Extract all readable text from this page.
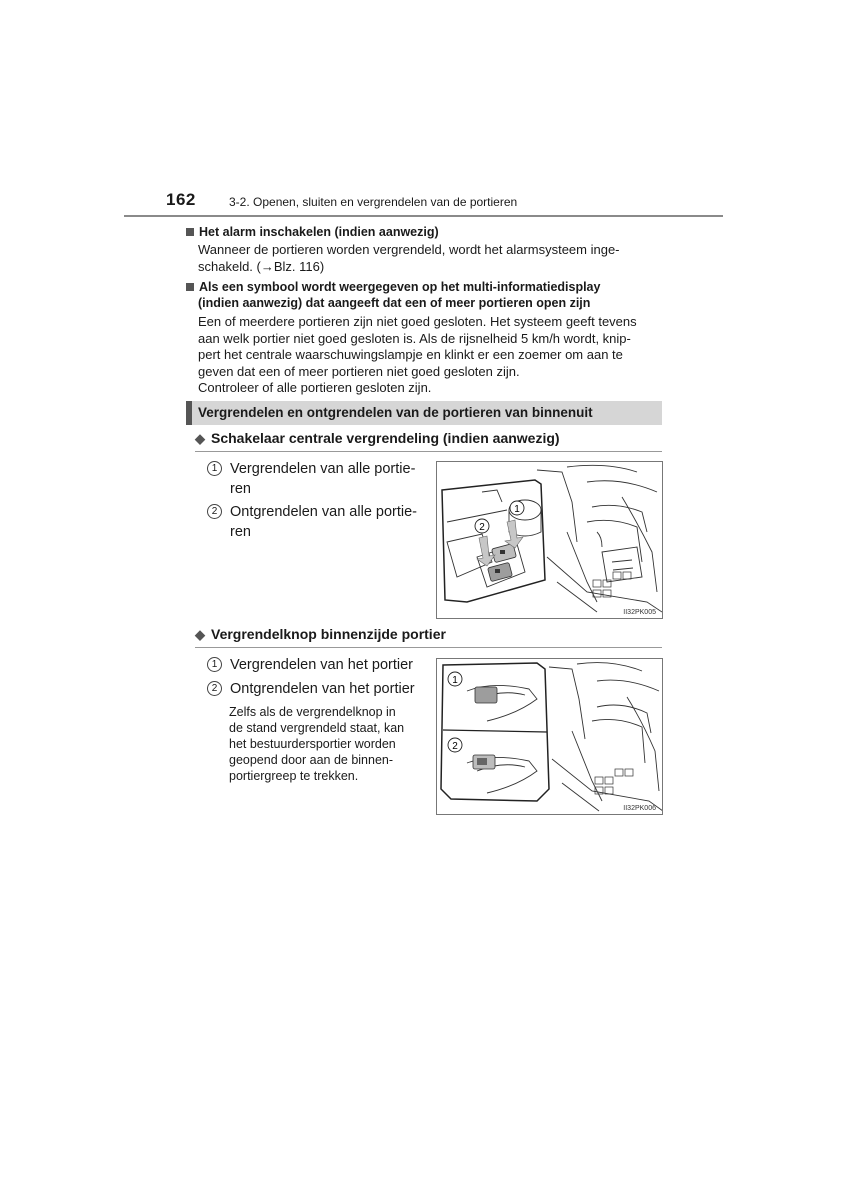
162	3-2. Openen, sluiten en vergrendelen van de portieren
Het alarm inschakelen (indien aanwezig)
Wanneer de portieren worden vergrendeld, wordt het alarmsysteem inge-
schakeld. (→Blz. 116)
Als een symbool wordt weergegeven op het multi-informatiedisplay
(indien aanwezig) dat aangeeft dat een of meer portieren open zijn
Een of meerdere portieren zijn niet goed gesloten. Het systeem geeft tevens
aan welk portier niet goed gesloten is. Als de rijsnelheid 5 km/h wordt, knip-
pert het centrale waarschuwingslampje en klinkt er een zoemer om aan te
geven dat een of meer portieren niet goed gesloten zijn.
Controleer of alle portieren gesloten zijn.
Vergrendelen en ontgrendelen van de portieren van binnenuit
◆ Schakelaar centrale vergrendeling (indien aanwezig)
1 Vergrendelen van alle portie-
ren
2 Ontgrendelen van alle portie-
ren
1
2
II32PK005
◆ Vergrendelknop binnenzijde portier
1 Vergrendelen van het portier
2 Ontgrendelen van het portier
Zelfs als de vergrendelknop in
de stand vergrendeld staat, kan
het bestuurdersportier worden
geopend door aan de binnen-
portiergreep te trekken.
1
2
II32PK006
